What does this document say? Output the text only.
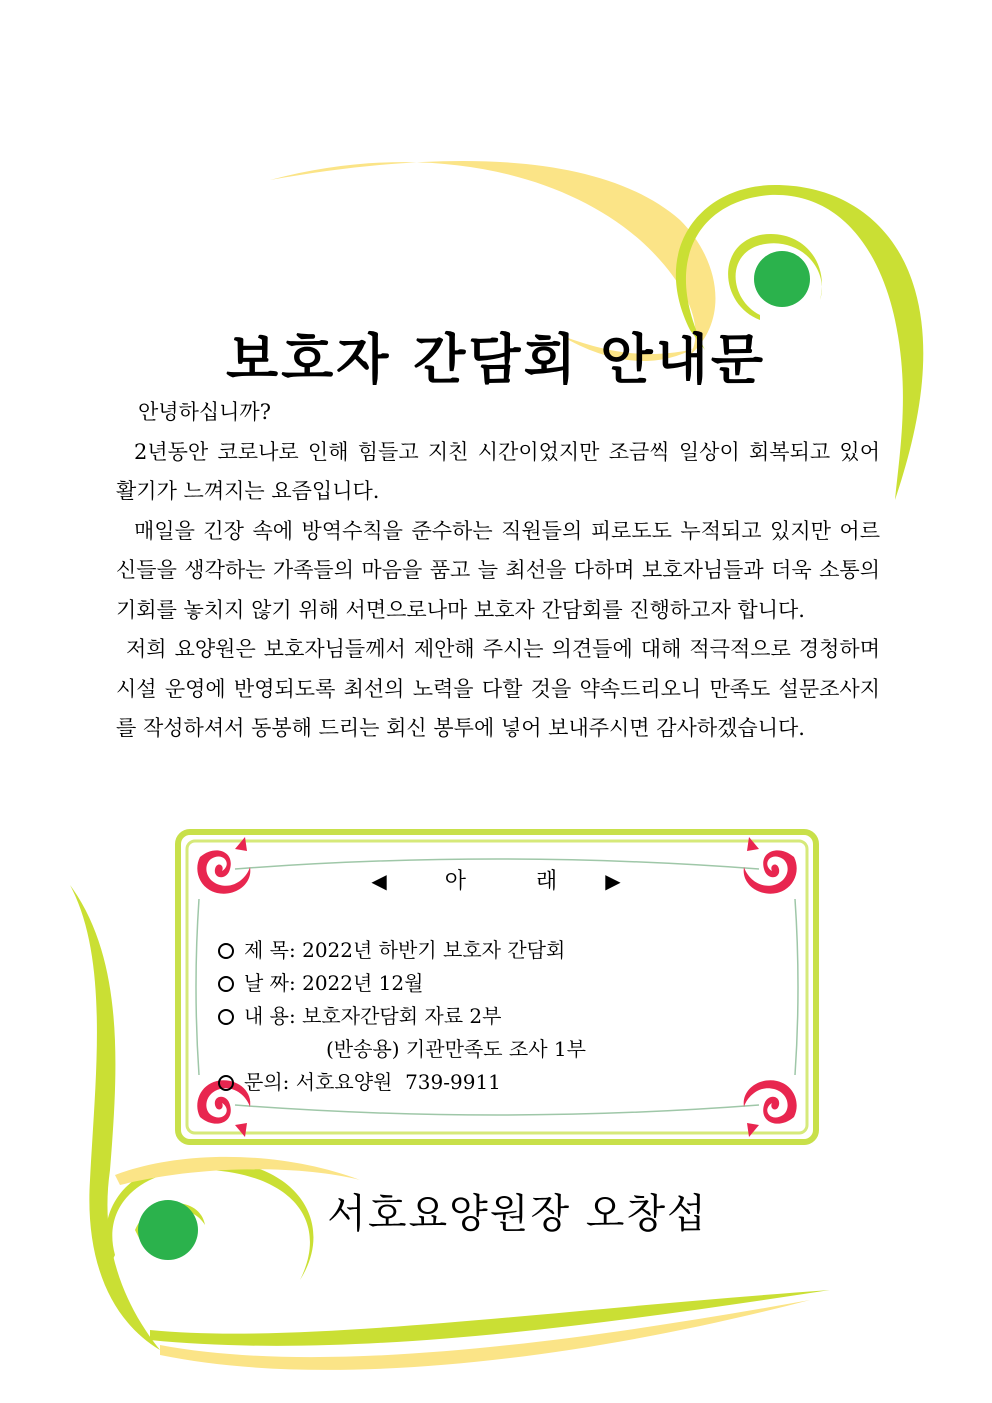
보호자 간담회 안내문

안녕하십니까?

2년동안 코로나로 인해 힘들고 지친 시간이었지만 조금씩 일상이 회복되고 있어 활기가 느껴지는 요즘입니다.

매일을 긴장 속에 방역수칙을 준수하는 직원들의 피로도도 누적되고 있지만 어르신들을 생각하는 가족들의 마음을 품고 늘 최선을 다하며 보호자님들과 더욱 소통의 기회를 놓치지 않기 위해 서면으로나마 보호자 간담회를 진행하고자 합니다.

저희 요양원은 보호자님들께서 제안해 주시는 의견들에 대해 적극적으로 경청하며 시설 운영에 반영되도록 최선의 노력을 다할 것을 약속드리오니 만족도 설문조사지를 작성하셔서 동봉해 드리는 회신 봉투에 넣어 보내주시면 감사하겠습니다.

◀	아	래 ▶
제 목: 2022년 하반기 보호자 간담회
날 짜: 2022년 12월
내 용: 보호자간담회 자료 2부
(반송용) 기관만족도 조사 1부
문의: 서호요양원  739-9911
서호요양원장 오창섭
